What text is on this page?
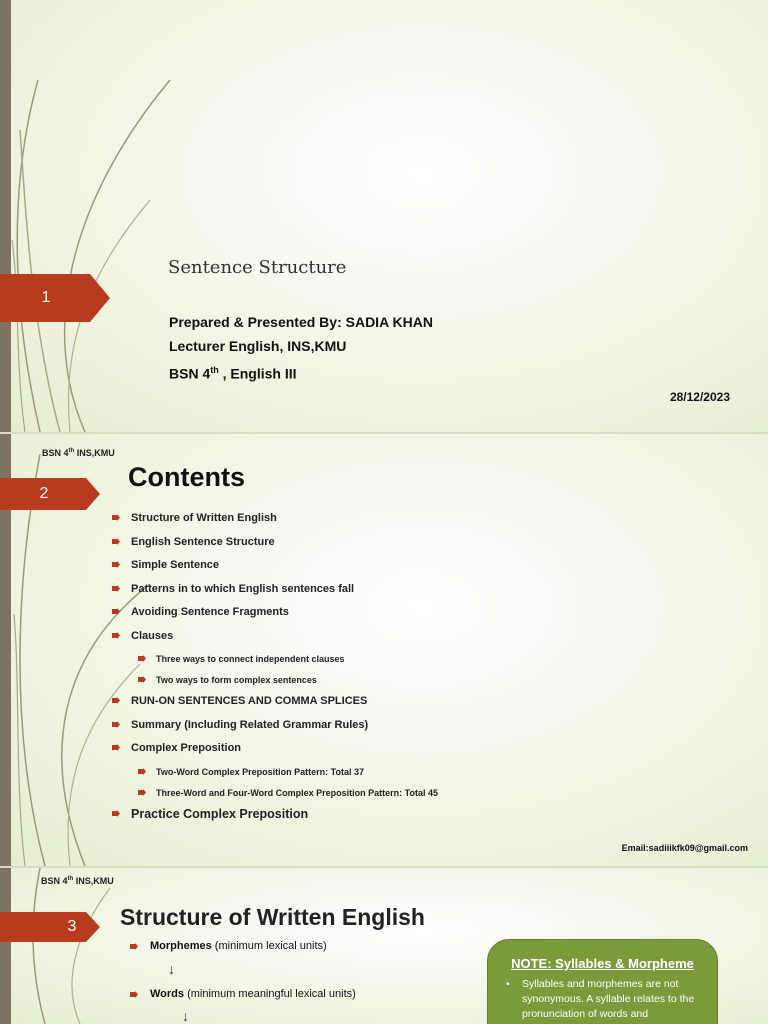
1
Sentence Structure
Prepared & Presented By: SADIA KHAN
Lecturer English, INS,KMU
BSN 4th , English III
28/12/2023
BSN 4th INS,KMU
2
Contents
Structure of Written English
English Sentence Structure
Simple Sentence
Patterns in to which English sentences fall
Avoiding Sentence Fragments
Clauses
Three ways to connect independent clauses
Two ways to form complex sentences
RUN-ON SENTENCES AND COMMA SPLICES
Summary (Including Related Grammar Rules)
Complex Preposition
Two-Word Complex Preposition Pattern: Total 37
Three-Word and Four-Word Complex Preposition Pattern: Total 45
Practice Complex Preposition
Email:sadiiikfk09@gmail.com
BSN 4th INS,KMU
3	Structure of Written English
Morphemes (minimum lexical units)
↓
Words (minimum meaningful lexical units)
↓
NOTE: Syllables & Morpheme
•	Syllables and morphemes are not synonymous. A syllable relates to the pronunciation of words and
